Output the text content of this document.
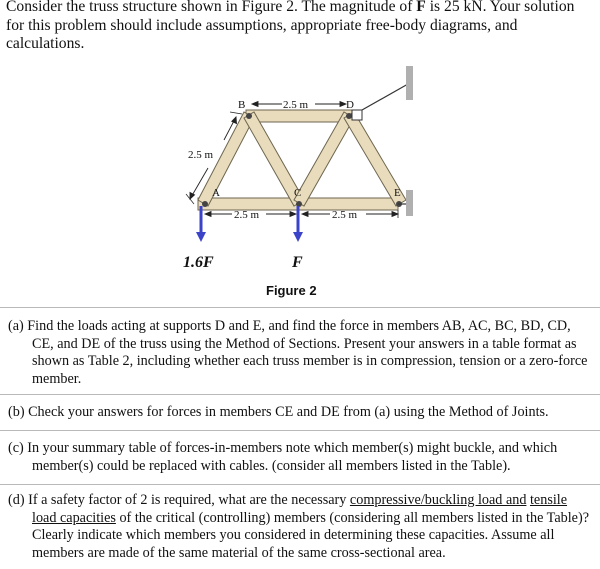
Consider the truss structure shown in Figure 2. The magnitude of F is 25 kN. Your solution for this problem should include assumptions, appropriate free-body diagrams, and calculations.
B	D
A	C	E
2.5 m
2.5 m
2.5 m	2.5 m
1.6F	F
Figure 2
(a) Find the loads acting at supports D and E, and find the force in members AB, AC, BC, BD, CD, CE, and DE of the truss using the Method of Sections. Present your answers in a table format as shown as Table 2, including whether each truss member is in compression, tension or a zero-force member.
(b) Check your answers for forces in members CE and DE from (a) using the Method of Joints.
(c) In your summary table of forces-in-members note which member(s) might buckle, and which member(s) could be replaced with cables. (consider all members listed in the Table).
(d) If a safety factor of 2 is required, what are the necessary compressive/buckling load and tensile load capacities of the critical (controlling) members (considering all members listed in the Table)? Clearly indicate which members you considered in determining these capacities. Assume all members are made of the same material of the same cross-sectional area.
